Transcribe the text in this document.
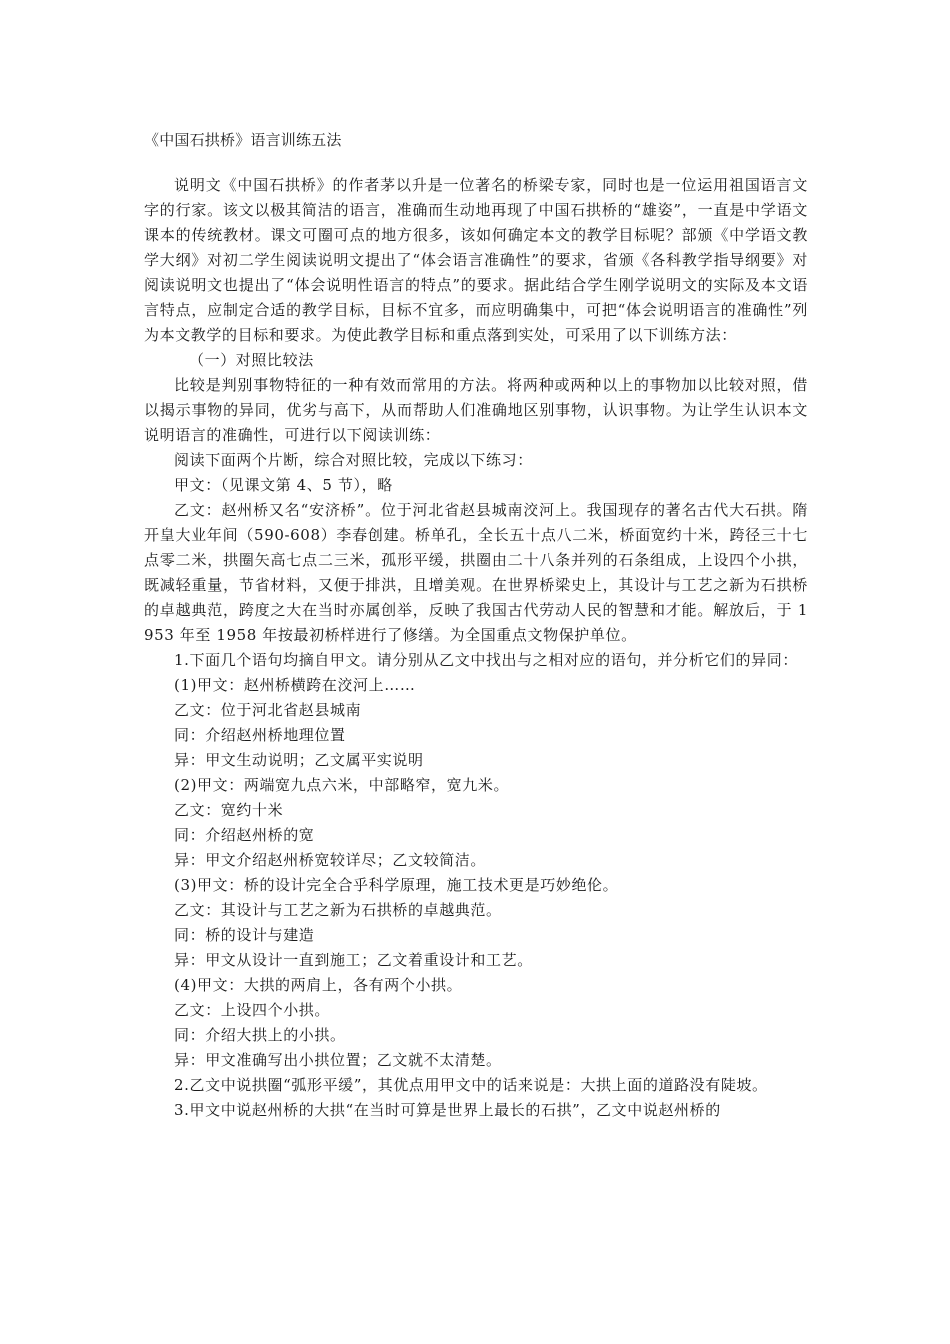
《中国石拱桥》语言训练五法

说明文《中国石拱桥》的作者茅以升是一位著名的桥梁专家，同时也是一位运用祖国语言文字的行家。该文以极其简洁的语言，准确而生动地再现了中国石拱桥的“雄姿”，一直是中学语文课本的传统教材。课文可圈可点的地方很多，该如何确定本文的教学目标呢？部颁《中学语文教学大纲》对初二学生阅读说明文提出了“体会语言准确性”的要求，省颁《各科教学指导纲要》对阅读说明文也提出了“体会说明性语言的特点”的要求。据此结合学生刚学说明文的实际及本文语言特点，应制定合适的教学目标，目标不宜多，而应明确集中，可把“体会说明语言的准确性”列为本文教学的目标和要求。为使此教学目标和重点落到实处，可采用了以下训练方法：

（一）对照比较法

比较是判别事物特征的一种有效而常用的方法。将两种或两种以上的事物加以比较对照，借以揭示事物的异同，优劣与高下，从而帮助人们准确地区别事物，认识事物。为让学生认识本文说明语言的准确性，可进行以下阅读训练：

阅读下面两个片断，综合对照比较，完成以下练习：

甲文：（见课文第 4、5 节），略

乙文：赵州桥又名“安济桥”。位于河北省赵县城南洨河上。我国现存的著名古代大石拱。隋开皇大业年间（590-608）李春创建。桥单孔，全长五十点八二米，桥面宽约十米，跨径三十七点零二米，拱圈矢高七点二三米，孤形平缓，拱圈由二十八条并列的石条组成，上设四个小拱，既减轻重量，节省材料，又便于排洪，且增美观。在世界桥梁史上，其设计与工艺之新为石拱桥的卓越典范，跨度之大在当时亦属创举，反映了我国古代劳动人民的智慧和才能。解放后，于 1953 年至 1958 年按最初桥样进行了修缮。为全国重点文物保护单位。

1.下面几个语句均摘自甲文。请分别从乙文中找出与之相对应的语句，并分析它们的异同：

(1)甲文：赵州桥横跨在洨河上……

乙文：位于河北省赵县城南

同：介绍赵州桥地理位置

异：甲文生动说明；乙文属平实说明

(2)甲文：两端宽九点六米，中部略窄，宽九米。

乙文：宽约十米

同：介绍赵州桥的宽

异：甲文介绍赵州桥宽较详尽；乙文较简洁。

(3)甲文：桥的设计完全合乎科学原理，施工技术更是巧妙绝伦。

乙文：其设计与工艺之新为石拱桥的卓越典范。

同：桥的设计与建造

异：甲文从设计一直到施工；乙文着重设计和工艺。

(4)甲文：大拱的两肩上，各有两个小拱。

乙文：上设四个小拱。

同：介绍大拱上的小拱。

异：甲文准确写出小拱位置；乙文就不太清楚。

2.乙文中说拱圈“弧形平缓”，其优点用甲文中的话来说是：大拱上面的道路没有陡坡。

3.甲文中说赵州桥的大拱“在当时可算是世界上最长的石拱”，乙文中说赵州桥的
